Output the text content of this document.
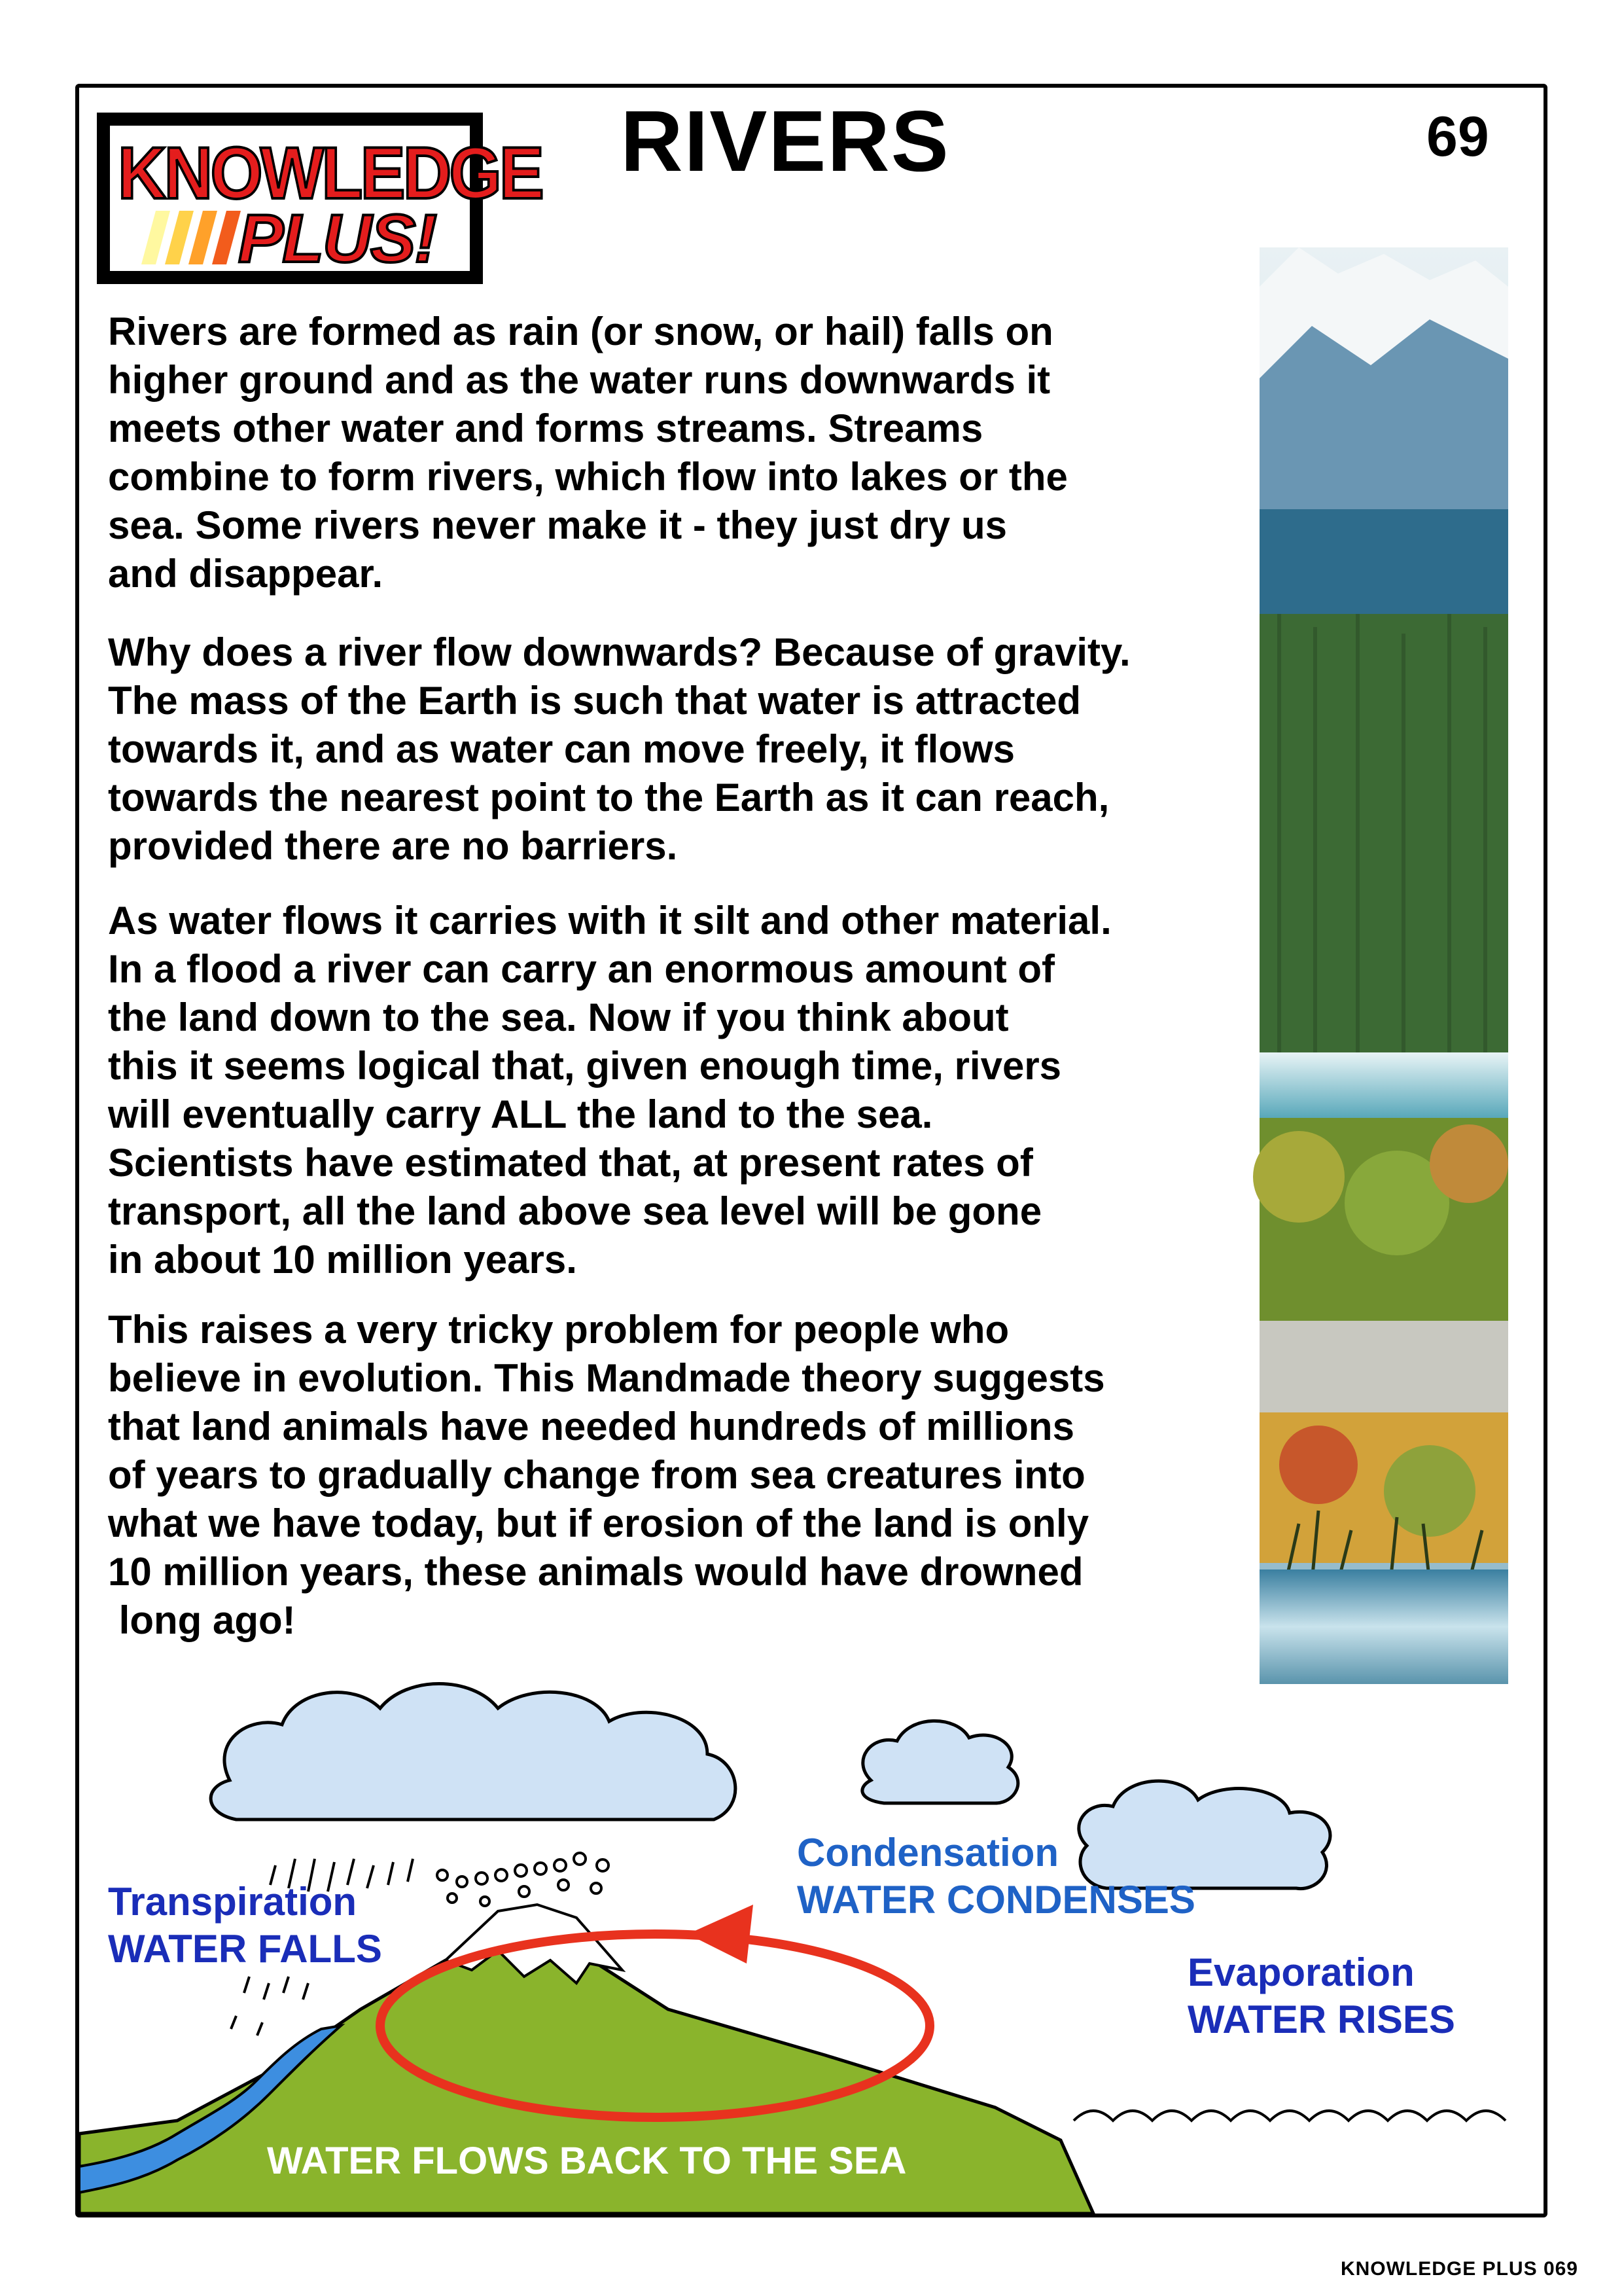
KNOWLEDGE
PLUS!
RIVERS	69

Rivers are formed as rain (or snow, or hail) falls on
higher ground and as the water runs downwards it
meets other water and forms streams. Streams
combine to form rivers, which flow into lakes or the
sea. Some rivers never make it - they just dry us
and disappear.

Why does a river flow downwards? Because of gravity.
The mass of the Earth is such that water is attracted
towards it, and as water can move freely, it flows
towards the nearest point to the Earth as it can reach,
provided there are no barriers.

As water flows it carries with it silt and other material.
In a flood a river can carry an enormous amount of
the land down to the sea. Now if you think about
this it seems logical that, given enough time, rivers
will eventually carry ALL the land to the sea.
Scientists have estimated that, at present rates of
transport, all the land above sea level will be gone
in about 10 million years.

This raises a very tricky problem for people who
believe in evolution. This Mandmade theory suggests
that land animals have needed hundreds of millions
of years to gradually change from sea creatures into
what we have today, but if erosion of the land is only
10 million years, these animals would have drowned
long ago!

Transpiration
WATER FALLS
Condensation
WATER CONDENSES
Evaporation
WATER RISES
WATER FLOWS BACK TO THE SEA
KNOWLEDGE PLUS 069
